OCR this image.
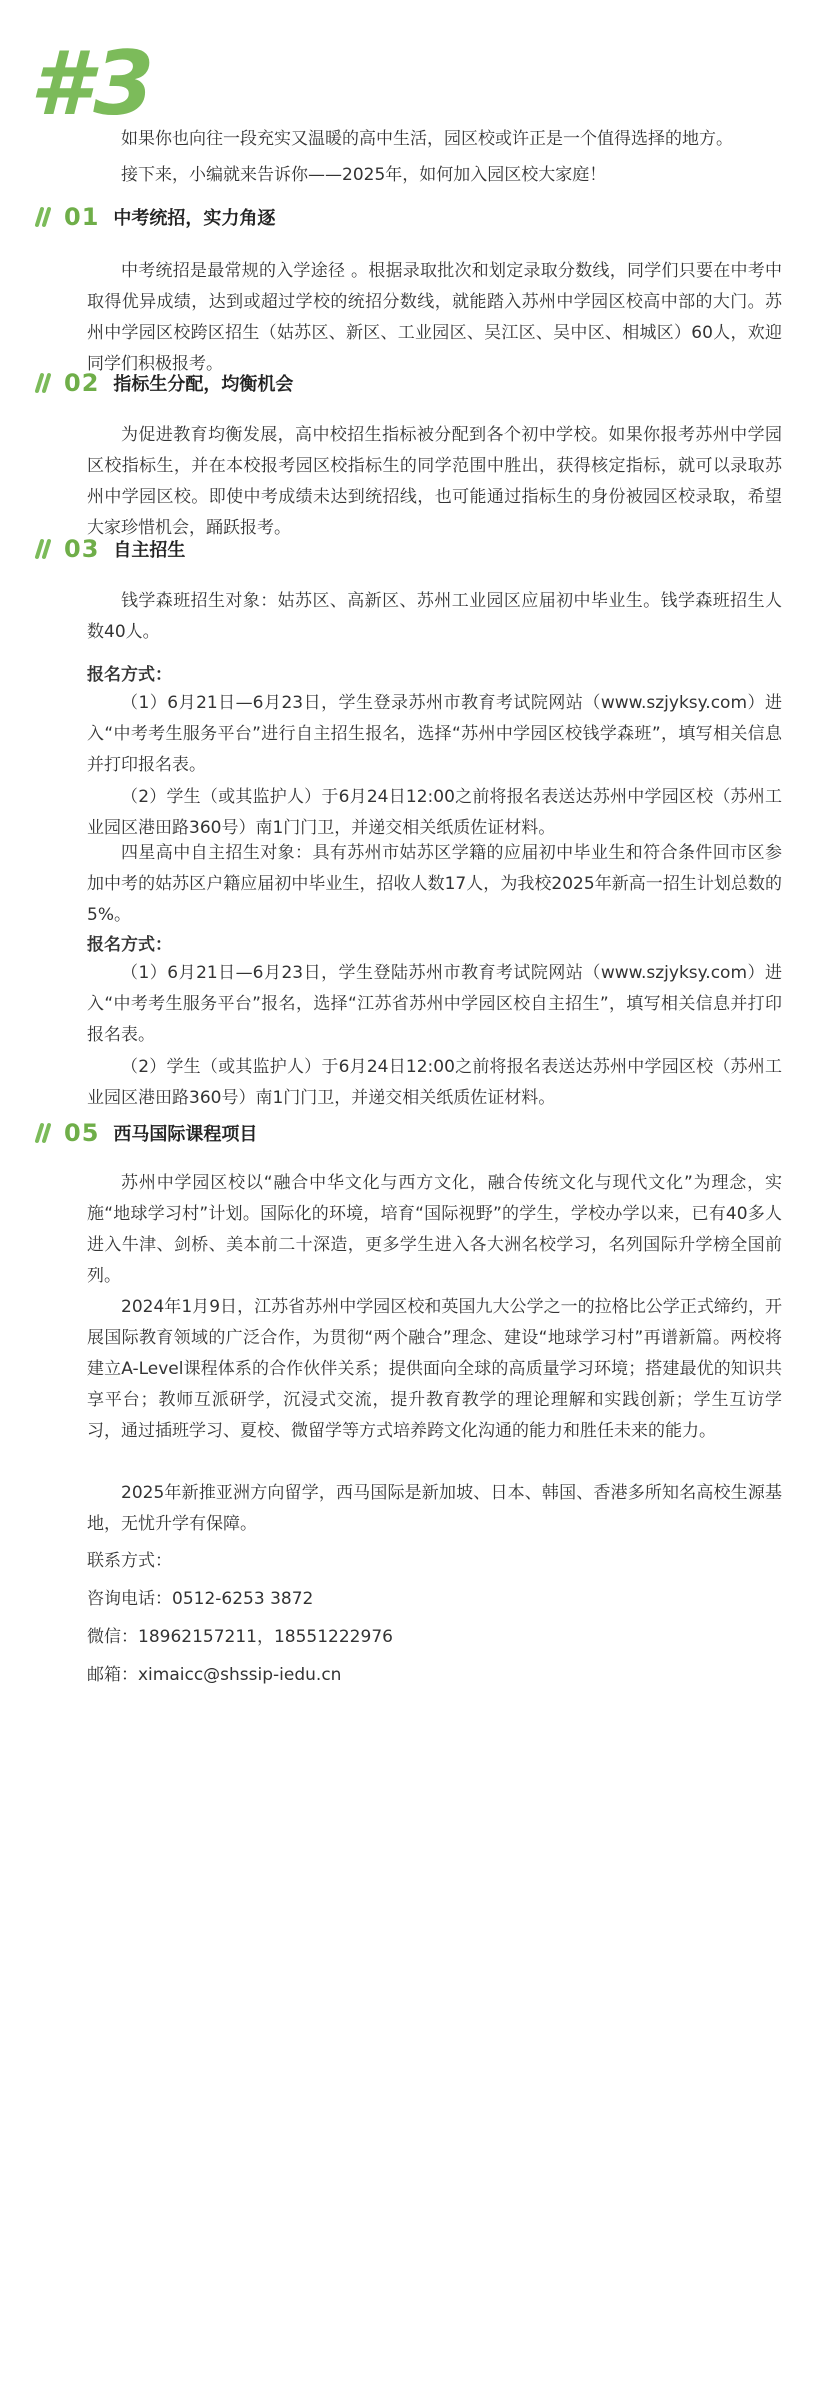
#3

如果你也向往一段充实又温暖的高中生活，园区校或许正是一个值得选择的地方。

接下来，小编就来告诉你——2025年，如何加入园区校大家庭！

01 中考统招，实力角逐

中考统招是最常规的入学途径 。根据录取批次和划定录取分数线，同学们只要在中考中取得优异成绩，达到或超过学校的统招分数线，就能踏入苏州中学园区校高中部的大门。苏州中学园区校跨区招生（姑苏区、新区、工业园区、吴江区、吴中区、相城区）60人，欢迎同学们积极报考。

02 指标生分配，均衡机会

为促进教育均衡发展，高中校招生指标被分配到各个初中学校。如果你报考苏州中学园区校指标生，并在本校报考园区校指标生的同学范围中胜出，获得核定指标，就可以录取苏州中学园区校。即使中考成绩未达到统招线，也可能通过指标生的身份被园区校录取，希望大家珍惜机会，踊跃报考。

03 自主招生

钱学森班招生对象：姑苏区、高新区、苏州工业园区应届初中毕业生。钱学森班招生人数40人。

报名方式：

（1）6月21日—6月23日，学生登录苏州市教育考试院网站（www.szjyksy.com）进入“中考考生服务平台”进行自主招生报名，选择“苏州中学园区校钱学森班”，填写相关信息并打印报名表。

（2）学生（或其监护人）于6月24日12:00之前将报名表送达苏州中学园区校（苏州工业园区港田路360号）南1门门卫，并递交相关纸质佐证材料。

四星高中自主招生对象：具有苏州市姑苏区学籍的应届初中毕业生和符合条件回市区参加中考的姑苏区户籍应届初中毕业生，招收人数17人，为我校2025年新高一招生计划总数的5%。

报名方式：

（1）6月21日—6月23日，学生登陆苏州市教育考试院网站（www.szjyksy.com）进入“中考考生服务平台”报名，选择“江苏省苏州中学园区校自主招生”，填写相关信息并打印报名表。

（2）学生（或其监护人）于6月24日12:00之前将报名表送达苏州中学园区校（苏州工业园区港田路360号）南1门门卫，并递交相关纸质佐证材料。

05 西马国际课程项目

苏州中学园区校以“融合中华文化与西方文化，融合传统文化与现代文化”为理念，实施“地球学习村”计划。国际化的环境，培育“国际视野”的学生，学校办学以来，已有40多人进入牛津、剑桥、美本前二十深造，更多学生进入各大洲名校学习，名列国际升学榜全国前列。

2024年1月9日，江苏省苏州中学园区校和英国九大公学之一的拉格比公学正式缔约，开展国际教育领域的广泛合作，为贯彻“两个融合”理念、建设“地球学习村”再谱新篇。两校将建立A-Level课程体系的合作伙伴关系；提供面向全球的高质量学习环境；搭建最优的知识共享平台；教师互派研学，沉浸式交流，提升教育教学的理论理解和实践创新；学生互访学习，通过插班学习、夏校、微留学等方式培养跨文化沟通的能力和胜任未来的能力。

2025年新推亚洲方向留学，西马国际是新加坡、日本、韩国、香港多所知名高校生源基地，无忧升学有保障。

联系方式：
咨询电话：0512-6253 3872
微信：18962157211，18551222976
邮箱：ximaicc@shssip-iedu.cn
